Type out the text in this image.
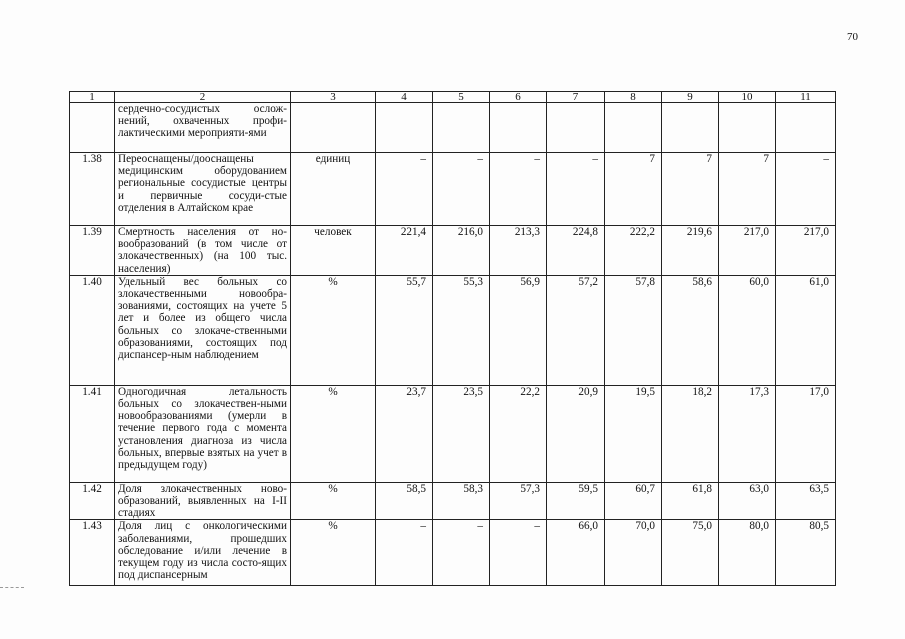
70
1	2	3	4	5	6	7	8	9	10	11
	сердечно-сосудистых ослож-нений, охваченных профи-лактическими мероприяти-ями									
1.38	Переоснащены/дооснащены медицинским оборудованием региональные сосудистые центры и первичные сосуди-стые отделения в Алтайском крае	единиц	–	–	–	–	7	7	7	–
1.39	Смертность населения от но-вообразований (в том числе от злокачественных) (на 100 тыс. населения)	человек	221,4	216,0	213,3	224,8	222,2	219,6	217,0	217,0
1.40	Удельный вес больных со злокачественными новообра-зованиями, состоящих на учете 5 лет и более из общего числа больных со злокаче-ственными образованиями, состоящих под диспансер-ным наблюдением	%	55,7	55,3	56,9	57,2	57,8	58,6	60,0	61,0
1.41	Одногодичная летальность больных со злокачествен-ными новообразованиями (умерли в течение первого года с момента установления диагноза из числа больных, впервые взятых на учет в предыдущем году)	%	23,7	23,5	22,2	20,9	19,5	18,2	17,3	17,0
1.42	Доля злокачественных ново-образований, выявленных на I-II стадиях	%	58,5	58,3	57,3	59,5	60,7	61,8	63,0	63,5
1.43	Доля лиц с онкологическими заболеваниями, прошедших обследование и/или лечение в текущем году из числа состо-ящих под диспансерным	%	–	–	–	66,0	70,0	75,0	80,0	80,5
